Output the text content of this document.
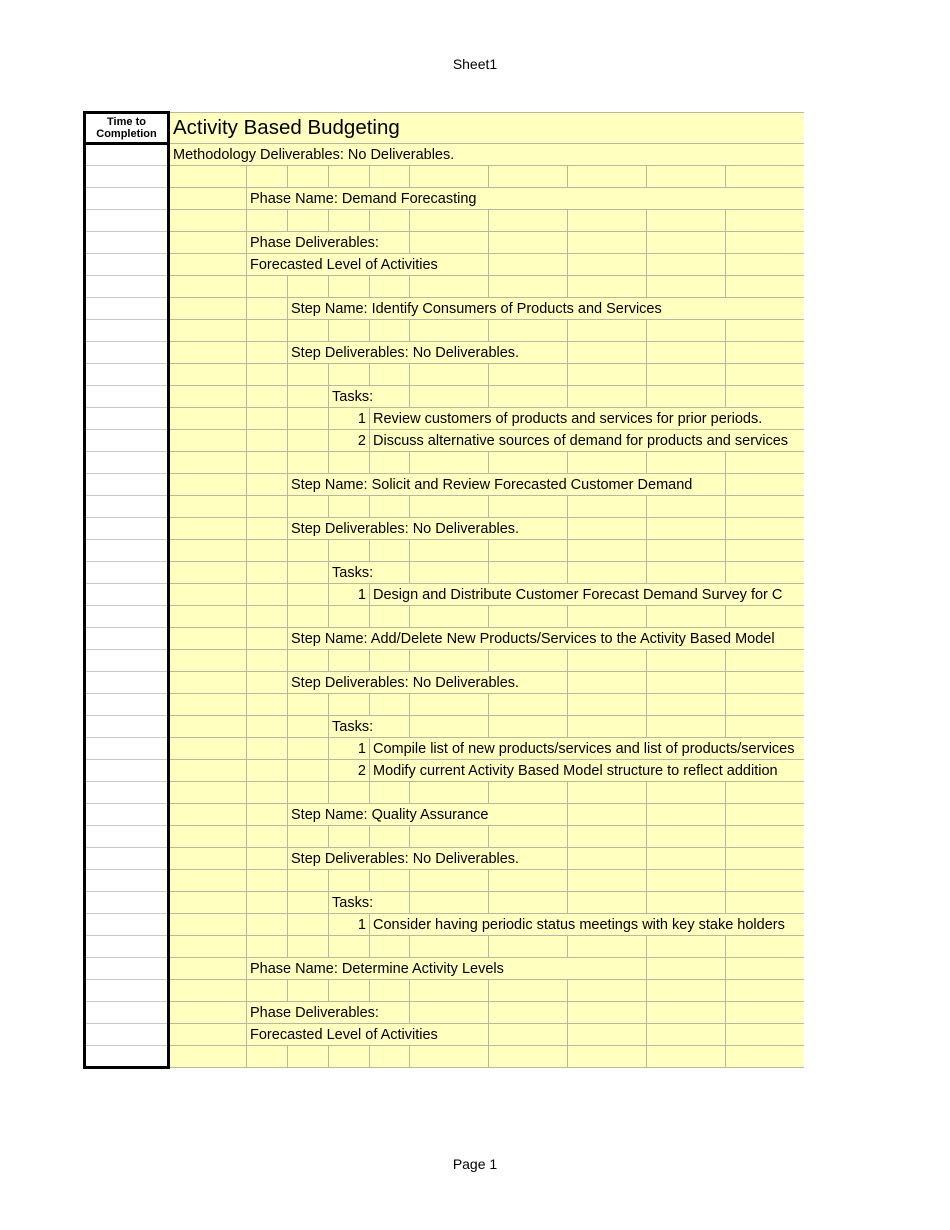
Sheet1
Time to Completion	Activity Based Budgeting									
	Methodology Deliverables: No Deliverables.									

		Phase Name: Demand Forecasting								

		Phase Deliverables:								
		Forecasted Level of Activities								

			Step Name: Identify Consumers of Products and Services							

			Step Deliverables: No Deliverables.							

				Tasks:						
				1	Review customers of products and services for prior periods.					
				2	Discuss alternative sources of demand for products and services					

			Step Name: Solicit and Review Forecasted Customer Demand							

			Step Deliverables: No Deliverables.							

				Tasks:						
				1	Design and Distribute Customer Forecast Demand Survey for C					

			Step Name: Add/Delete New Products/Services to the Activity Based Model							

			Step Deliverables: No Deliverables.							

				Tasks:						
				1	Compile list of new products/services and list of products/services					
				2	Modify current Activity Based Model structure to reflect addition					

			Step Name: Quality Assurance							

			Step Deliverables: No Deliverables.							

				Tasks:						
				1	Consider having periodic status meetings with key stake holders					

		Phase Name: Determine Activity Levels								

		Phase Deliverables:								
		Forecasted Level of Activities								

Page 1
